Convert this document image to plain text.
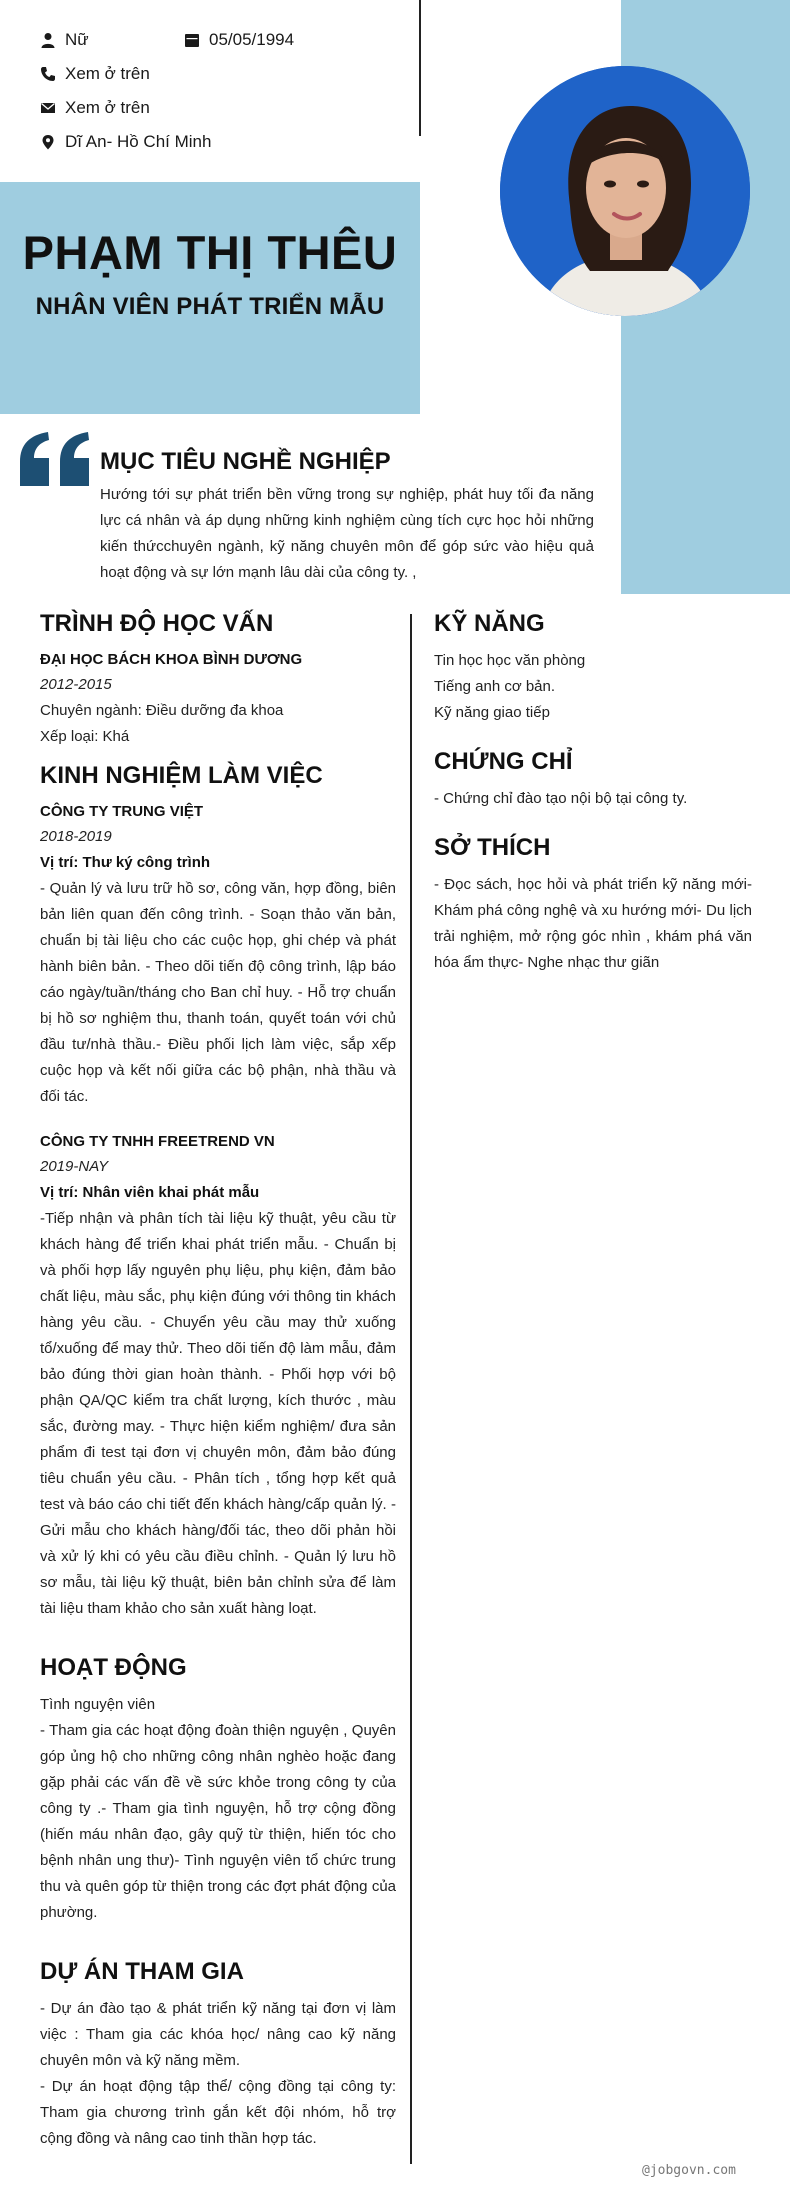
Nữ	05/05/1994
Xem ở trên
Xem ở trên
Dĩ An- Hồ Chí Minh
PHẠM THỊ THÊU
NHÂN VIÊN PHÁT TRIỂN MẪU
MỤC TIÊU NGHỀ NGHIỆP
Hướng tới sự phát triển bền vững trong sự nghiệp, phát huy tối đa năng lực cá nhân và áp dụng những kinh nghiệm cùng tích cực học hỏi những kiến thứcchuyên ngành, kỹ năng chuyên môn để góp sức vào hiệu quả hoạt động và sự lớn mạnh lâu dài của công ty. ,
TRÌNH ĐỘ HỌC VẤN
ĐẠI HỌC BÁCH KHOA BÌNH DƯƠNG
2012-2015
Chuyên ngành: Điều dưỡng đa khoa
Xếp loại: Khá
KINH NGHIỆM LÀM VIỆC
CÔNG TY TRUNG VIỆT
2018-2019
Vị trí: Thư ký công trình
- Quản lý và lưu trữ hồ sơ, công văn, hợp đồng, biên bản liên quan đến công trình. - Soạn thảo văn bản, chuẩn bị tài liệu cho các cuộc họp, ghi chép và phát hành biên bản. - Theo dõi tiến độ công trình, lập báo cáo ngày/tuần/tháng cho Ban chỉ huy. - Hỗ trợ chuẩn bị hồ sơ nghiệm thu, thanh toán, quyết toán với chủ đầu tư/nhà thầu.- Điều phối lịch làm việc, sắp xếp cuộc họp và kết nối giữa các bộ phận, nhà thầu và đối tác.
CÔNG TY TNHH FREETREND VN
2019-NAY
Vị trí: Nhân viên khai phát mẫu
-Tiếp nhận và phân tích tài liệu kỹ thuật, yêu cầu từ khách hàng để triển khai phát triển mẫu. - Chuẩn bị và phối hợp lấy nguyên phụ liệu, phụ kiện, đảm bảo chất liệu, màu sắc, phụ kiện đúng với thông tin khách hàng yêu cầu. - Chuyển yêu cầu may thử xuống tổ/xuống để may thử. Theo dõi tiến độ làm mẫu, đảm bảo đúng thời gian hoàn thành. - Phối hợp với bộ phận QA/QC kiểm tra chất lượng, kích thước , màu sắc, đường may. - Thực hiện kiểm nghiệm/ đưa sản phẩm đi test tại đơn vị chuyên môn, đảm bảo đúng tiêu chuẩn yêu cầu. - Phân tích , tổng hợp kết quả test và báo cáo chi tiết đến khách hàng/cấp quản lý. - Gửi mẫu cho khách hàng/đối tác, theo dõi phản hồi và xử lý khi có yêu cầu điều chỉnh. - Quản lý lưu hồ sơ mẫu, tài liệu kỹ thuật, biên bản chỉnh sửa để làm tài liệu tham khảo cho sản xuất hàng loạt.
HOẠT ĐỘNG
Tình nguyện viên
- Tham gia các hoạt động đoàn thiện nguyện , Quyên góp ủng hộ cho những công nhân nghèo hoặc đang gặp phải các vấn đề về sức khỏe trong công ty của công ty .- Tham gia tình nguyện, hỗ trợ cộng đồng (hiến máu nhân đạo, gây quỹ từ thiện, hiến tóc cho bệnh nhân ung thư)- Tình nguyện viên tổ chức trung thu và quên góp từ thiện trong các đợt phát động của phường.
DỰ ÁN THAM GIA
- Dự án đào tạo & phát triển kỹ năng tại đơn vị làm việc : Tham gia các khóa học/ nâng cao kỹ năng chuyên môn và kỹ năng mềm.
- Dự án hoạt động tập thể/ cộng đồng tại công ty: Tham gia chương trình gắn kết đội nhóm, hỗ trợ cộng đồng và nâng cao tinh thần hợp tác.
KỸ NĂNG
Tin học học văn phòng
Tiếng anh cơ bản.
Kỹ năng giao tiếp
CHỨNG CHỈ
- Chứng chỉ đào tạo nội bộ tại công ty.
SỞ THÍCH
- Đọc sách, học hỏi và phát triển kỹ năng mới- Khám phá công nghệ và xu hướng mới- Du lịch trải nghiệm, mở rộng góc nhìn , khám phá văn hóa ẩm thực- Nghe nhạc thư giãn
@jobgovn.com
